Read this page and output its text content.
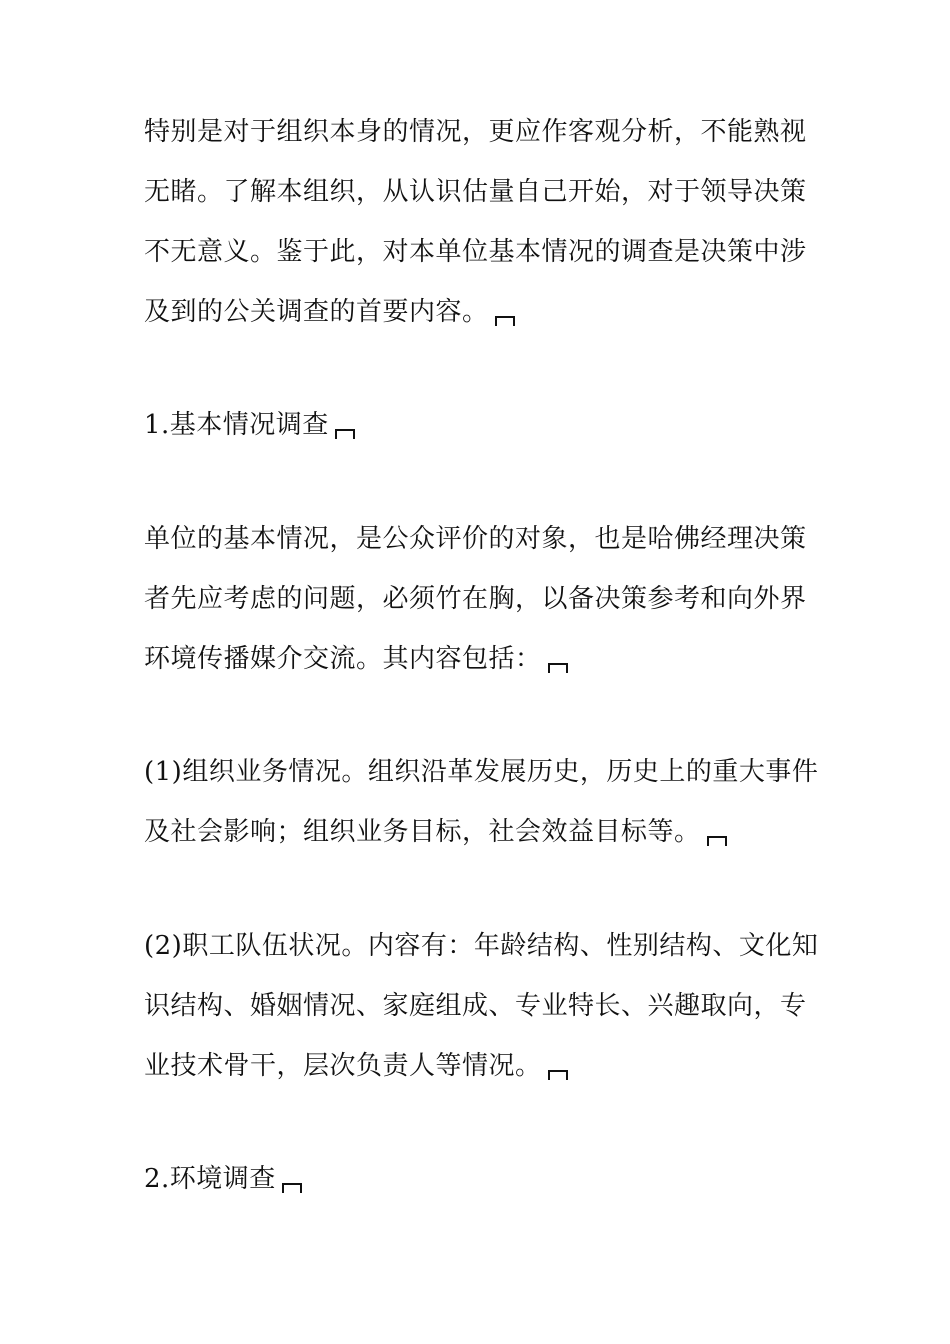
特别是对于组织本身的情况，更应作客观分析，不能熟视
无睹。了解本组织，从认识估量自己开始，对于领导决策
不无意义。鉴于此，对本单位基本情况的调查是决策中涉
及到的公关调查的首要内容。
1.基本情况调查
单位的基本情况，是公众评价的对象，也是哈佛经理决策
者先应考虑的问题，必须竹在胸，以备决策参考和向外界
环境传播媒介交流。其内容包括：
(1)组织业务情况。组织沿革发展历史，历史上的重大事件
及社会影响；组织业务目标，社会效益目标等。
(2)职工队伍状况。内容有：年龄结构、性别结构、文化知
识结构、婚姻情况、家庭组成、专业特长、兴趣取向，专
业技术骨干，层次负责人等情况。
2.环境调查
